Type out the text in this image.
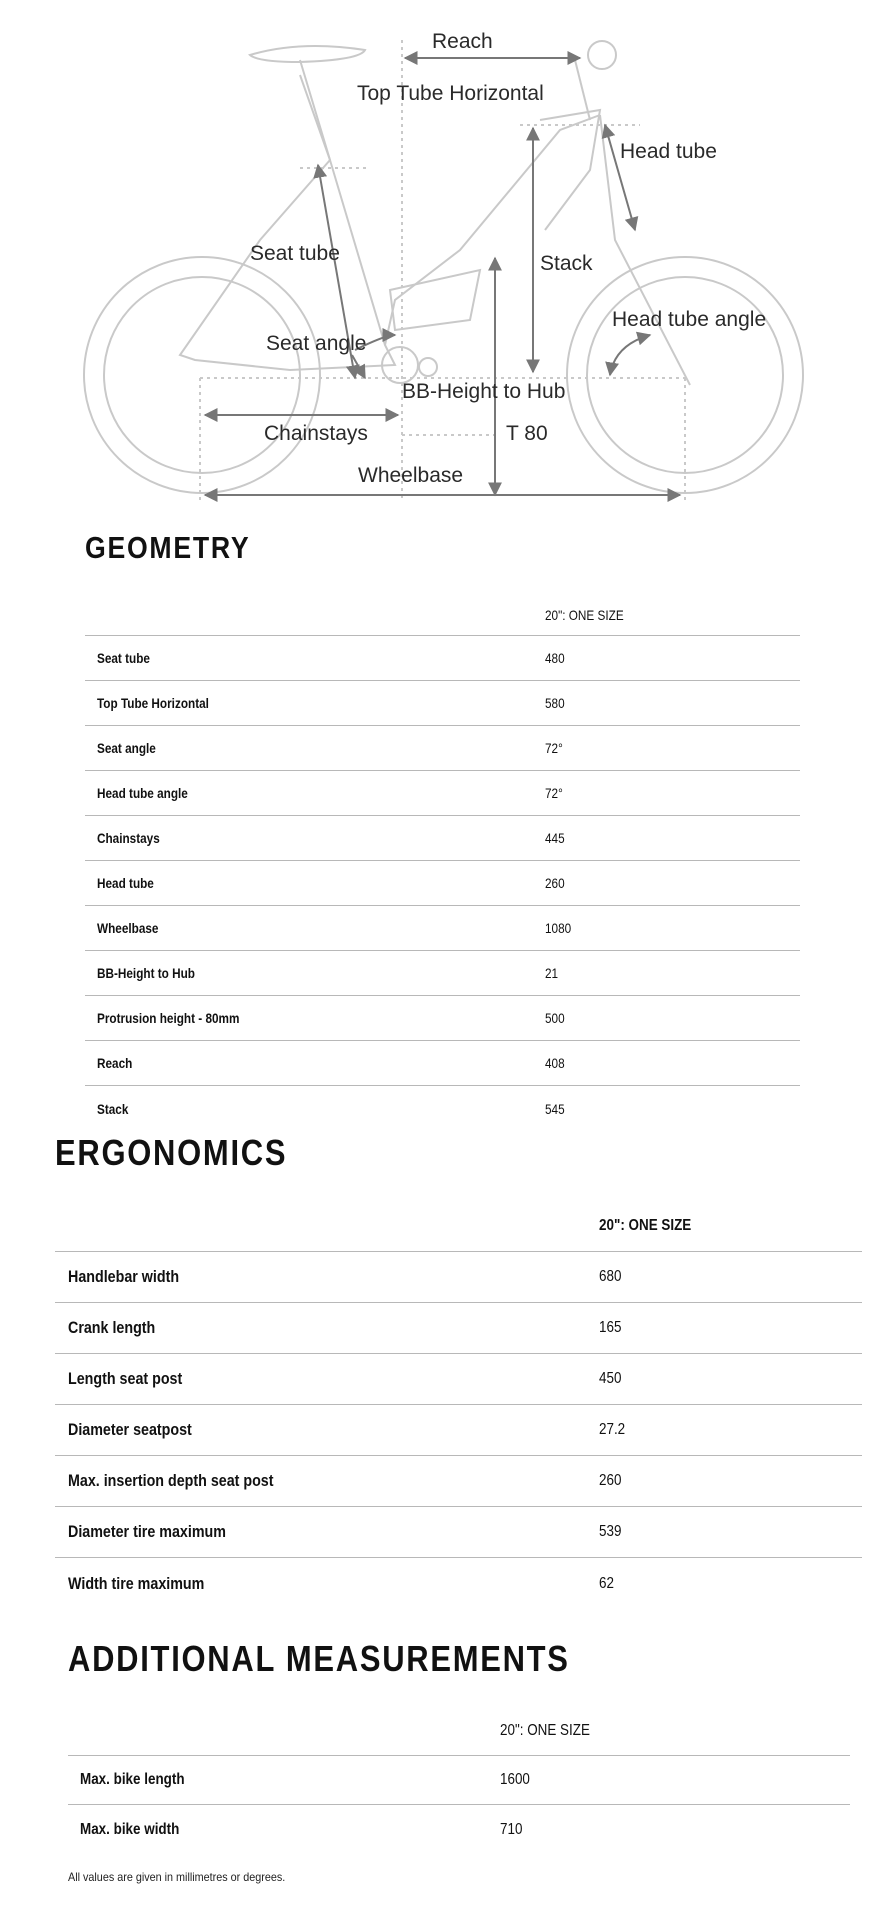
Reach
Top Tube Horizontal
Head tube
Seat tube	Stack
Head tube angle
Seat angle
BB-Height to Hub
Chainstays	T 80
Wheelbase
GEOMETRY
20": ONE SIZE
Seat tube	480
Top Tube Horizontal	580
Seat angle	72°
Head tube angle	72°
Chainstays	445
Head tube	260
Wheelbase	1080
BB-Height to Hub	21
Protrusion height - 80mm	500
Reach	408
Stack	545
ERGONOMICS
20": ONE SIZE
Handlebar width	680
Crank length	165
Length seat post	450
Diameter seatpost	27.2
Max. insertion depth seat post	260
Diameter tire maximum	539
Width tire maximum	62
ADDITIONAL MEASUREMENTS
20": ONE SIZE
Max. bike length	1600
Max. bike width	710

All values are given in millimetres or degrees.
